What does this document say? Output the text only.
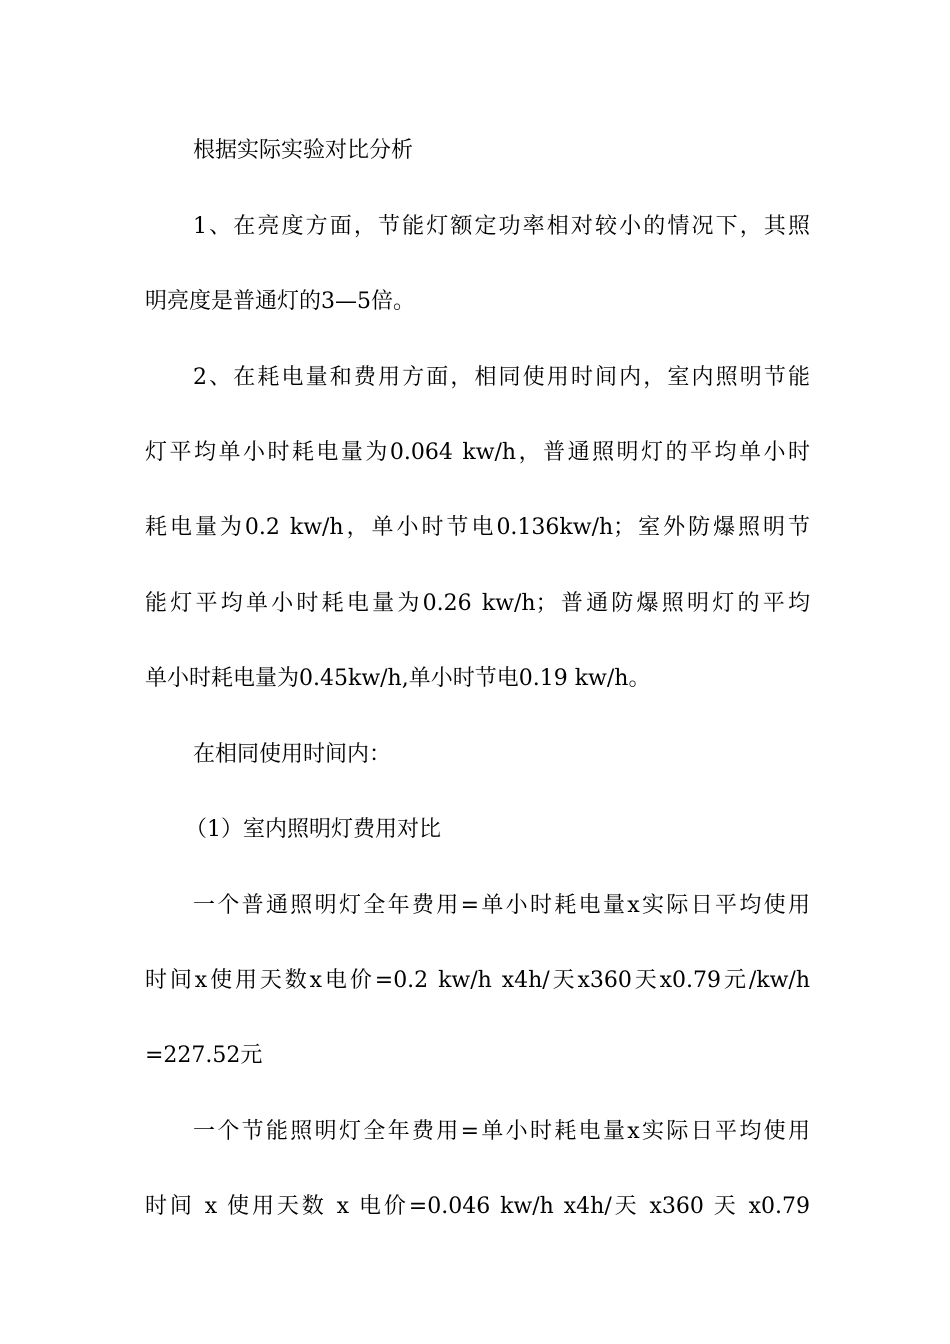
根据实际实验对比分析
1、在亮度方面，节能灯额定功率相对较小的情况下，其照
明亮度是普通灯的3—5倍。
2、在耗电量和费用方面，相同使用时间内，室内照明节能
灯平均单小时耗电量为0.064 kw/h，普通照明灯的平均单小时
耗电量为0.2 kw/h，单小时节电0.136kw/h；室外防爆照明节
能灯平均单小时耗电量为0.26 kw/h；普通防爆照明灯的平均
单小时耗电量为0.45kw/h,单小时节电0.19 kw/h。
在相同使用时间内：
（1）室内照明灯费用对比
一个普通照明灯全年费用=单小时耗电量x实际日平均使用
时间x使用天数x电价=0.2 kw/h x4h/天x360天x0.79元/kw/h
=227.52元
一个节能照明灯全年费用=单小时耗电量x实际日平均使用
时间 x 使用天数 x 电价=0.046 kw/h x4h/天 x360 天 x0.79
